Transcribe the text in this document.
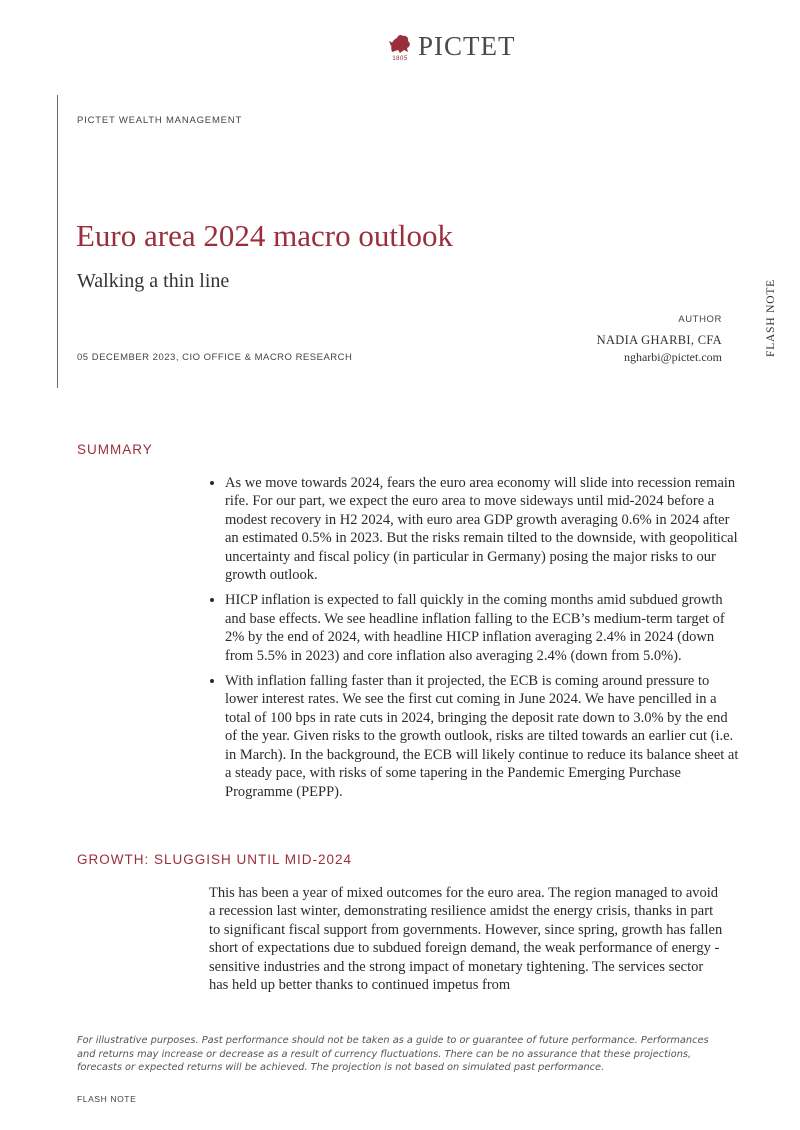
1805 PICTET
PICTET WEALTH MANAGEMENT
Euro area 2024 macro outlook
Walking a thin line
05 DECEMBER 2023, CIO OFFICE & MACRO RESEARCH
AUTHOR
NADIA GHARBI, CFA
ngharbi@pictet.com
FLASH NOTE
SUMMARY
• As we move towards 2024, fears the euro area economy will slide into recession remain rife. For our part, we expect the euro area to move sideways until mid-2024 before a modest recovery in H2 2024, with euro area GDP growth averaging 0.6% in 2024 after an estimated 0.5% in 2023. But the risks remain tilted to the downside, with geopolitical uncertainty and fiscal policy (in particular in Germany) posing the major risks to our growth outlook.
• HICP inflation is expected to fall quickly in the coming months amid subdued growth and base effects. We see headline inflation falling to the ECB’s medium-term target of 2% by the end of 2024, with headline HICP inflation averaging 2.4% in 2024 (down from 5.5% in 2023) and core inflation also averaging 2.4% (down from 5.0%).
• With inflation falling faster than it projected, the ECB is coming around pressure to lower interest rates. We see the first cut coming in June 2024. We have pencilled in a total of 100 bps in rate cuts in 2024, bringing the deposit rate down to 3.0% by the end of the year. Given risks to the growth outlook, risks are tilted towards an earlier cut (i.e. in March). In the background, the ECB will likely continue to reduce its balance sheet at a steady pace, with risks of some tapering in the Pandemic Emerging Purchase Programme (PEPP).
GROWTH: SLUGGISH UNTIL MID-2024

This has been a year of mixed outcomes for the euro area. The region managed to avoid a recession last winter, demonstrating resilience amidst the energy crisis, thanks in part to significant fiscal support from governments. However, since spring, growth has fallen short of expectations due to subdued foreign demand, the weak performance of energy -sensitive industries and the strong impact of monetary tightening. The services sector has held up better thanks to continued impetus from

For illustrative purposes. Past performance should not be taken as a guide to or guarantee of future performance. Performances and returns may increase or decrease as a result of currency fluctuations. There can be no assurance that these projections, forecasts or expected returns will be achieved. The projection is not based on simulated past performance.

FLASH NOTE
